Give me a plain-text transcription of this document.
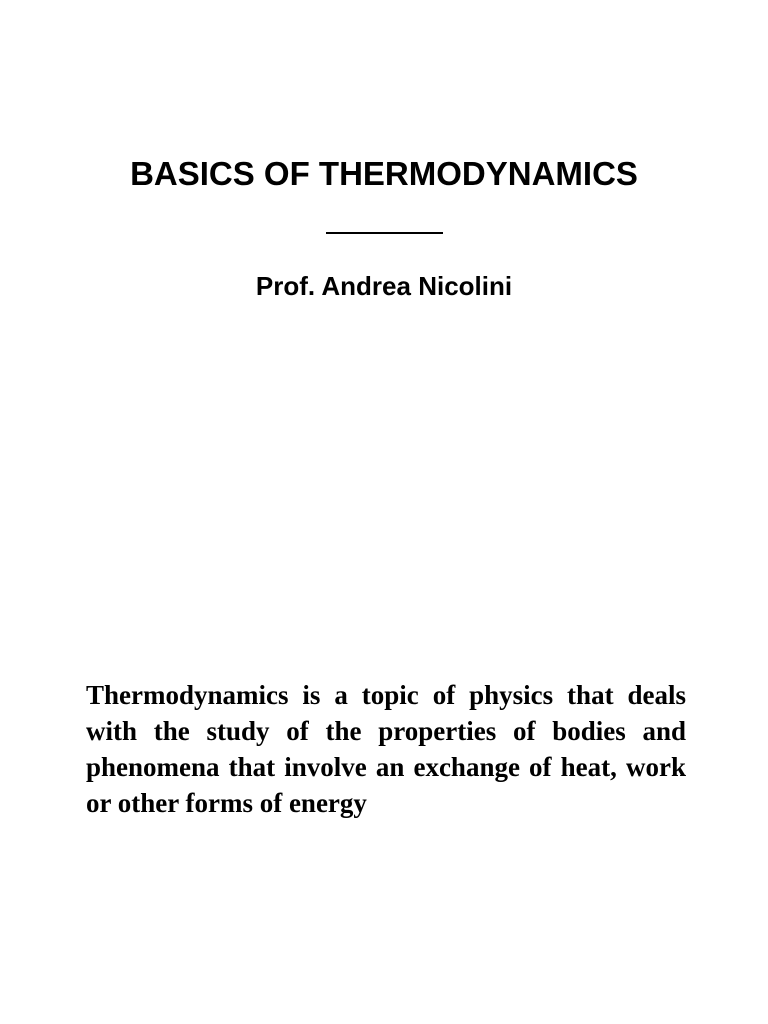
BASICS OF THERMODYNAMICS
Prof. Andrea Nicolini

Thermodynamics is a topic of physics that deals with the study of the properties of bodies and phenomena that involve an exchange of heat, work or other forms of energy
